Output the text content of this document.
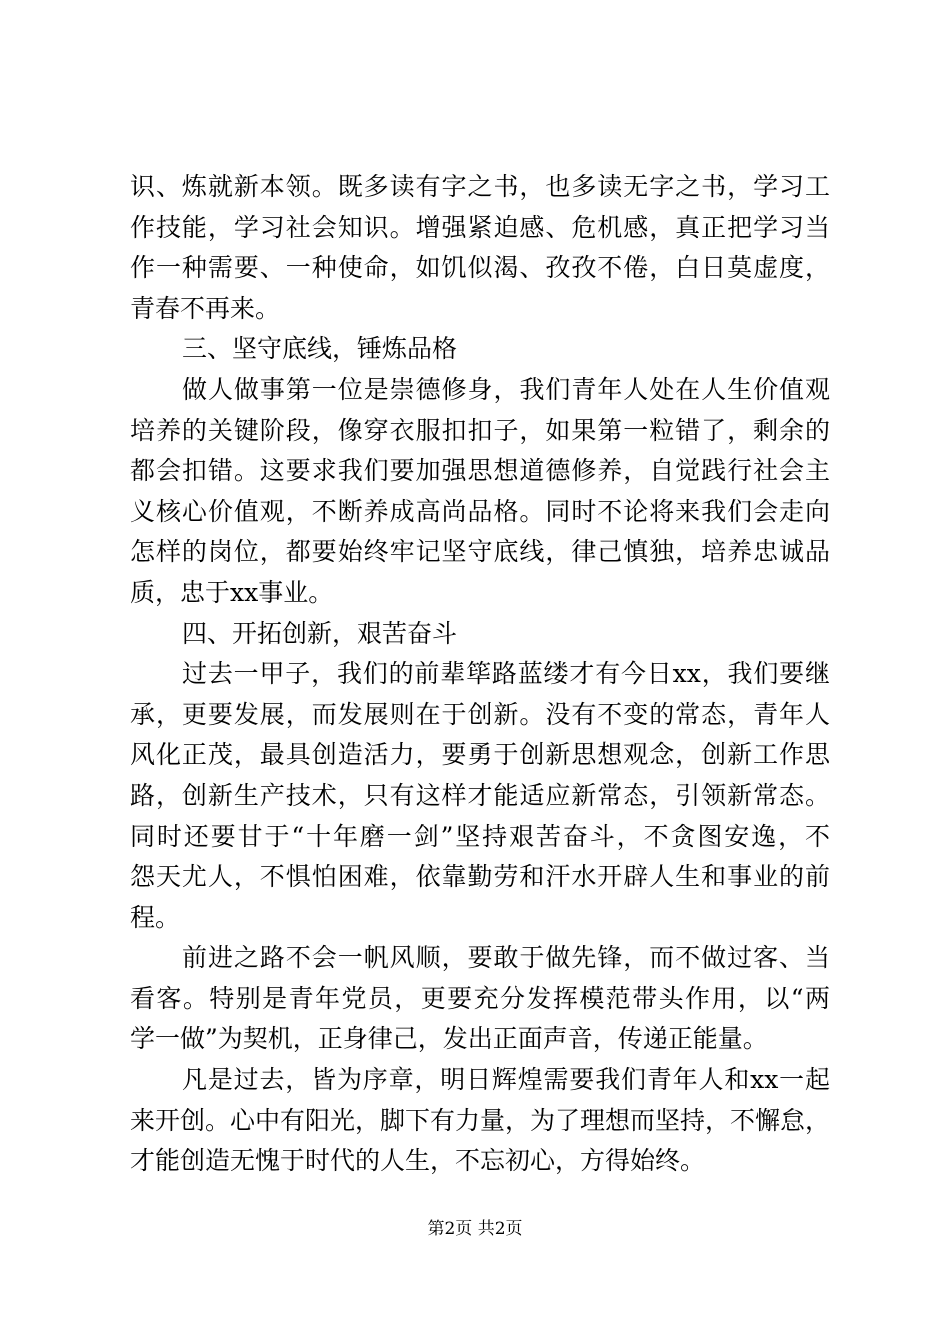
识、炼就新本领。既多读有字之书，也多读无字之书，学习工
作技能，学习社会知识。增强紧迫感、危机感，真正把学习当
作一种需要、一种使命，如饥似渴、孜孜不倦，白日莫虚度，
青春不再来。
三、坚守底线，锤炼品格
做人做事第一位是崇德修身，我们青年人处在人生价值观
培养的关键阶段，像穿衣服扣扣子，如果第一粒错了，剩余的
都会扣错。这要求我们要加强思想道德修养，自觉践行社会主
义核心价值观，不断养成高尚品格。同时不论将来我们会走向
怎样的岗位，都要始终牢记坚守底线，律己慎独，培养忠诚品
质，忠于xx事业。
四、开拓创新，艰苦奋斗
过去一甲子，我们的前辈筚路蓝缕才有今日xx，我们要继
承，更要发展，而发展则在于创新。没有不变的常态，青年人
风化正茂，最具创造活力，要勇于创新思想观念，创新工作思
路，创新生产技术，只有这样才能适应新常态，引领新常态。
同时还要甘于“十年磨一剑”坚持艰苦奋斗，不贪图安逸，不
怨天尤人，不惧怕困难，依靠勤劳和汗水开辟人生和事业的前
程。
前进之路不会一帆风顺，要敢于做先锋，而不做过客、当
看客。特别是青年党员，更要充分发挥模范带头作用，以“两
学一做”为契机，正身律己，发出正面声音，传递正能量。
凡是过去，皆为序章，明日辉煌需要我们青年人和xx一起
来开创。心中有阳光，脚下有力量，为了理想而坚持，不懈怠，
才能创造无愧于时代的人生，不忘初心，方得始终。
第2页 共2页
